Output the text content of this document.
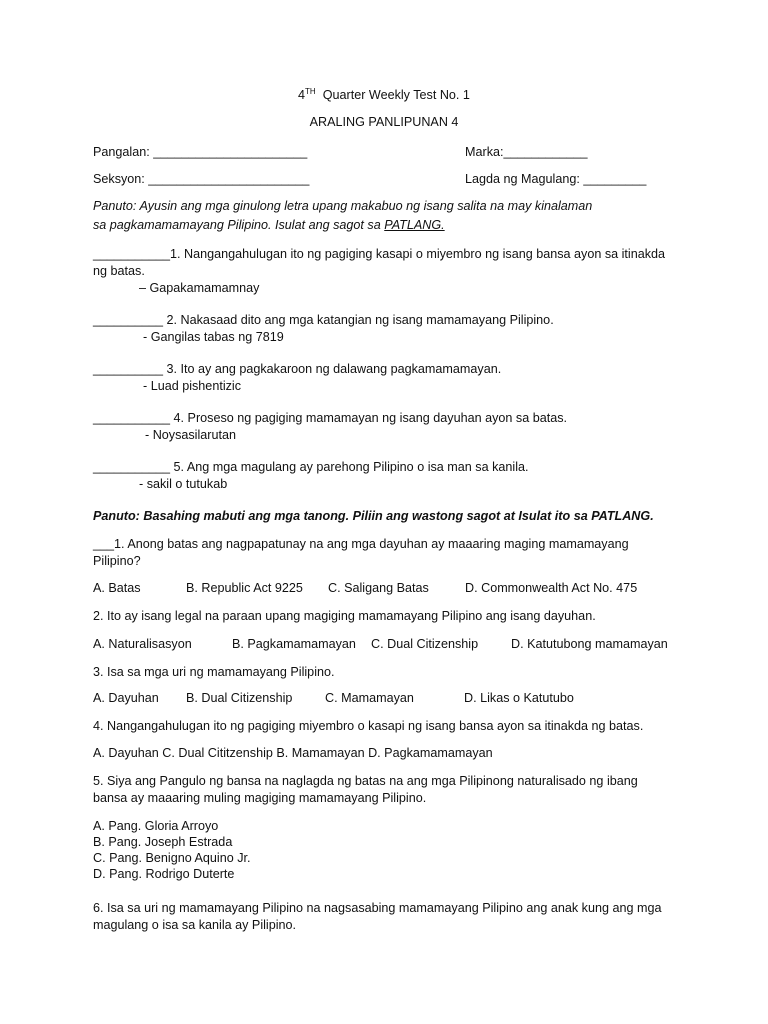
4TH Quarter Weekly Test No. 1
ARALING PANLIPUNAN 4
Pangalan: ______________________	Marka:____________
Seksyon: _______________________	Lagda ng Magulang: _________
Panuto: Ayusin ang mga ginulong letra upang makabuo ng isang salita na may kinalaman
sa pagkamamamayang Pilipino. Isulat ang sagot sa PATLANG.
___________1. Nangangahulugan ito ng pagiging kasapi o miyembro ng isang bansa ayon sa itinakda
ng batas.
– Gapakamamamnay
__________ 2. Nakasaad dito ang mga katangian ng isang mamamayang Pilipino.
- Gangilas tabas ng 7819
__________ 3. Ito ay ang pagkakaroon ng dalawang pagkamamamayan.
- Luad pishentizic
___________ 4. Proseso ng pagiging mamamayan ng isang dayuhan ayon sa batas.
- Noysasilarutan
___________ 5. Ang mga magulang ay parehong Pilipino o isa man sa kanila.
- sakil o tutukab
Panuto: Basahing mabuti ang mga tanong. Piliin ang wastong sagot at Isulat ito sa PATLANG.
___1. Anong batas ang nagpapatunay na ang mga dayuhan ay maaaring maging mamamayang
Pilipino?
A. Batas	B. Republic Act 9225 C. Saligang Batas	D. Commonwealth Act No. 475
2. Ito ay isang legal na paraan upang magiging mamamayang Pilipino ang isang dayuhan.
A. Naturalisasyon	B. Pagkamamamayan C. Dual Citizenship	D. Katutubong mamamayan
3. Isa sa mga uri ng mamamayang Pilipino.
A. Dayuhan B. Dual Citizenship	C. Mamamayan	D. Likas o Katutubo
4. Nangangahulugan ito ng pagiging miyembro o kasapi ng isang bansa ayon sa itinakda ng batas.
A. Dayuhan C. Dual Cititzenship B. Mamamayan D. Pagkamamamayan
5. Siya ang Pangulo ng bansa na naglagda ng batas na ang mga Pilipinong naturalisado ng ibang
bansa ay maaaring muling magiging mamamayang Pilipino.
A. Pang. Gloria Arroyo
B. Pang. Joseph Estrada
C. Pang. Benigno Aquino Jr.
D. Pang. Rodrigo Duterte
6. Isa sa uri ng mamamayang Pilipino na nagsasabing mamamayang Pilipino ang anak kung ang mga
magulang o isa sa kanila ay Pilipino.
